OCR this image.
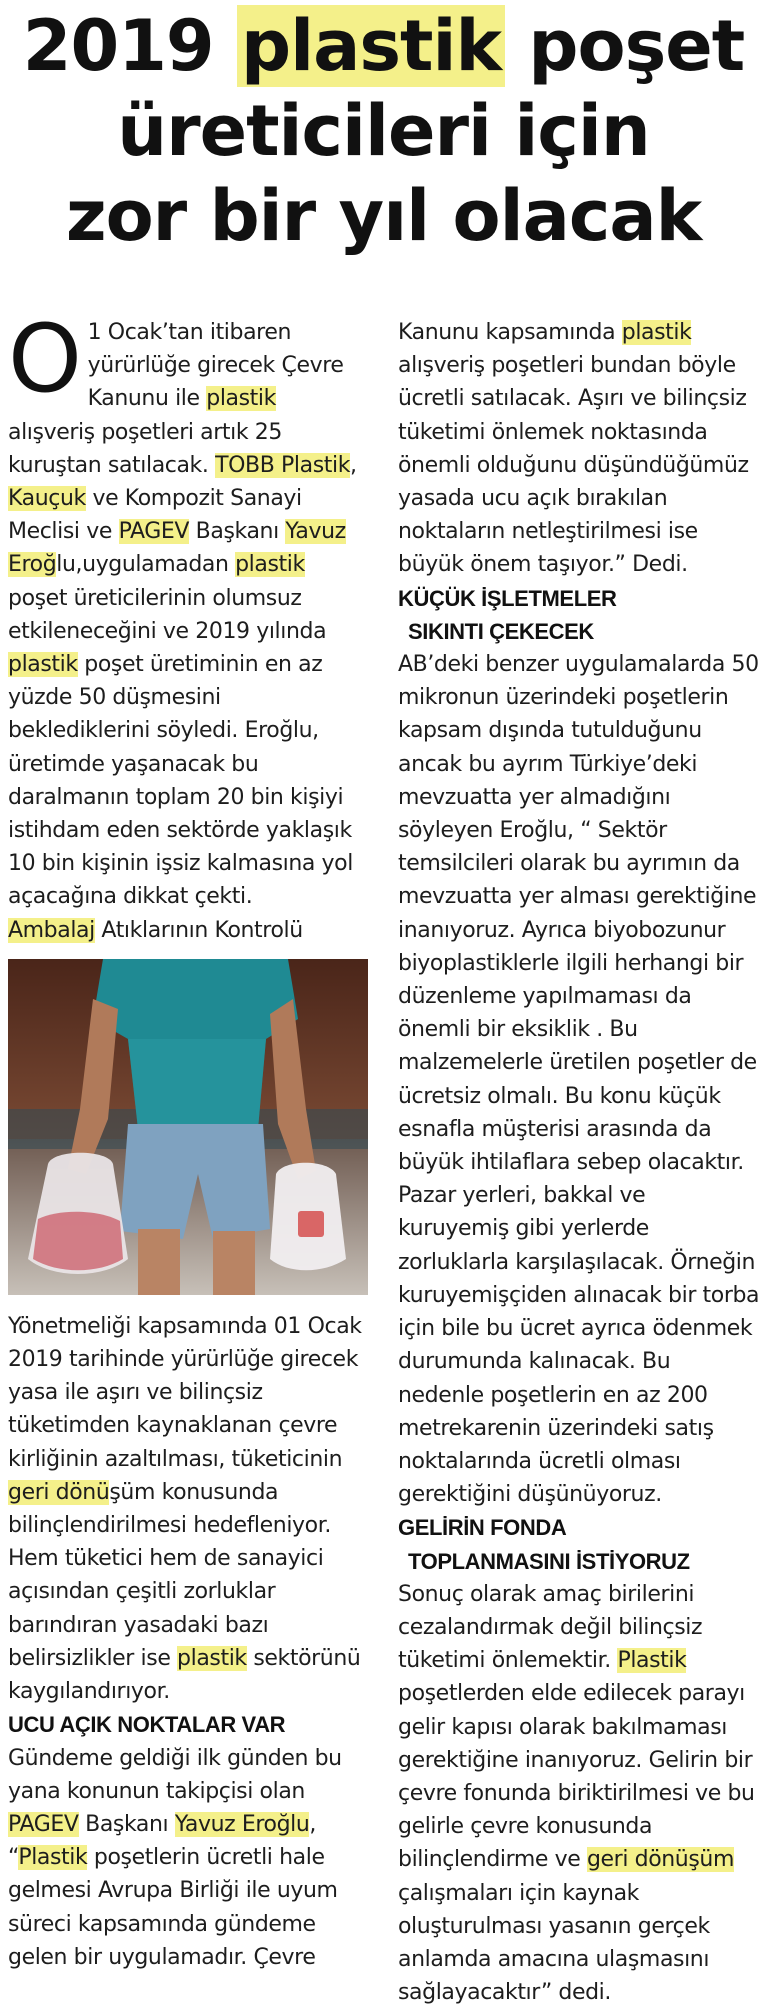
2019 plastik poşet
üreticileri için
zor bir yıl olacak

O 1 Ocak’tan itibaren yürürlüğe girecek Çevre Kanunu ile plastik alışveriş poşetleri artık 25 kuruştan satılacak. TOBB Plastik, Kauçuk ve Kompozit Sanayi Meclisi ve PAGEV Başkanı Yavuz Eroğlu,uygulamadan plastik poşet üreticilerinin olumsuz etkileneceğini ve 2019 yılında plastik poşet üretiminin en az yüzde 50 düşmesini beklediklerini söyledi. Eroğlu, üretimde yaşanacak bu daralmanın toplam 20 bin kişiyi istihdam eden sektörde yaklaşık 10 bin kişinin işsiz kalmasına yol açacağına dikkat çekti.

Ambalaj Atıklarının Kontrolü

Yönetmeliği kapsamında 01 Ocak 2019 tarihinde yürürlüğe girecek yasa ile aşırı ve bilinçsiz tüketimden kaynaklanan çevre kirliğinin azaltılması, tüketicinin geri dönüşüm konusunda bilinçlendirilmesi hedefleniyor. Hem tüketici hem de sanayici açısından çeşitli zorluklar barındıran yasadaki bazı belirsizlikler ise plastik sektörünü kaygılandırıyor.

UCU AÇIK NOKTALAR VAR

Gündeme geldiği ilk günden bu yana konunun takipçisi olan PAGEV Başkanı Yavuz Eroğlu, “Plastik poşetlerin ücretli hale gelmesi Avrupa Birliği ile uyum süreci kapsamında gündeme gelen bir uygulamadır. Çevre

Kanunu kapsamında plastik alışveriş poşetleri bundan böyle ücretli satılacak. Aşırı ve bilinçsiz tüketimi önlemek noktasında önemli olduğunu düşündüğümüz yasada ucu açık bırakılan noktaların netleştirilmesi ise büyük önem taşıyor.” Dedi.

KÜÇÜK İŞLETMELER
SIKINTI ÇEKECEK

AB’deki benzer uygulamalarda 50 mikronun üzerindeki poşetlerin kapsam dışında tutulduğunu ancak bu ayrım Türkiye’deki mevzuatta yer almadığını söyleyen Eroğlu, “ Sektör temsilcileri olarak bu ayrımın da mevzuatta yer alması gerektiğine inanıyoruz. Ayrıca biyobozunur biyoplastiklerle ilgili herhangi bir düzenleme yapılmaması da önemli bir eksiklik . Bu malzemelerle üretilen poşetler de ücretsiz olmalı. Bu konu küçük esnafla müşterisi arasında da büyük ihtilaflara sebep olacaktır. Pazar yerleri, bakkal ve kuruyemiş gibi yerlerde zorluklarla karşılaşılacak. Örneğin kuruyemişçiden alınacak bir torba için bile bu ücret ayrıca ödenmek durumunda kalınacak. Bu nedenle poşetlerin en az 200 metrekarenin üzerindeki satış noktalarında ücretli olması gerektiğini düşünüyoruz.

GELİRİN FONDA
TOPLANMASINI İSTİYORUZ

Sonuç olarak amaç birilerini cezalandırmak değil bilinçsiz tüketimi önlemektir. Plastik poşetlerden elde edilecek parayı gelir kapısı olarak bakılmaması gerektiğine inanıyoruz. Gelirin bir çevre fonunda biriktirilmesi ve bu gelirle çevre konusunda bilinçlendirme ve geri dönüşüm çalışmaları için kaynak oluşturulması yasanın gerçek anlamda amacına ulaşmasını sağlayacaktır” dedi.
